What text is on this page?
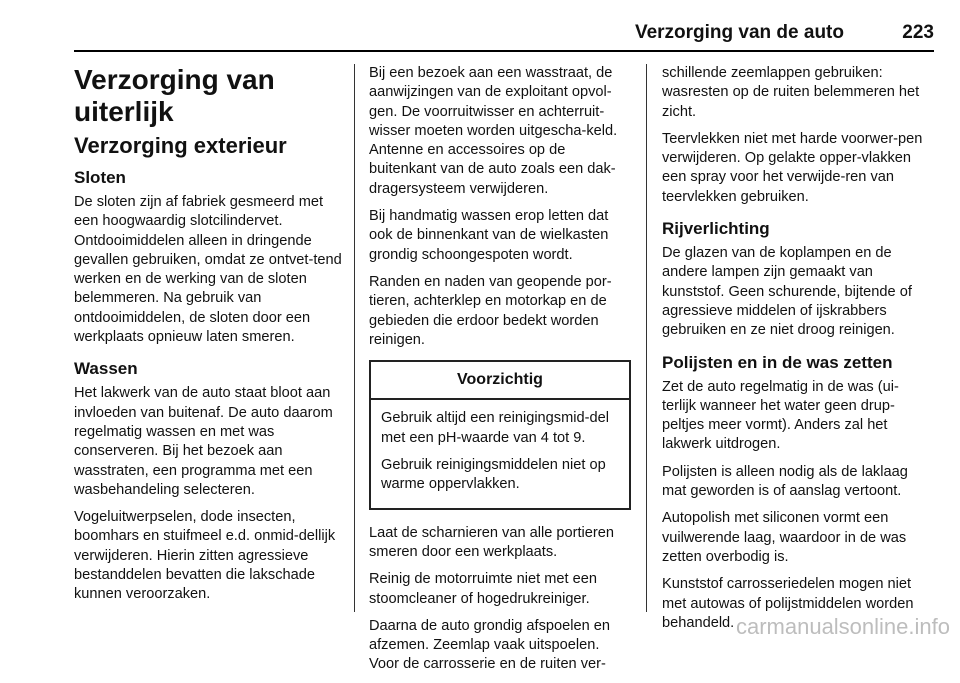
Verzorging van de auto	223
Verzorging van uiterlijk
Verzorging exterieur
Sloten

De sloten zijn af fabriek gesmeerd met een hoogwaardig slotcilindervet. Ontdooimiddelen alleen in dringende gevallen gebruiken, omdat ze ontvet-tend werken en de werking van de sloten belemmeren. Na gebruik van ontdooimiddelen, de sloten door een werkplaats opnieuw laten smeren.

Wassen

Het lakwerk van de auto staat bloot aan invloeden van buitenaf. De auto daarom regelmatig wassen en met was conserveren. Bij het bezoek aan wasstraten, een programma met een wasbehandeling selecteren.

Vogeluitwerpselen, dode insecten, boomhars en stuifmeel e.d. onmid-dellijk verwijderen. Hierin zitten agressieve bestanddelen bevatten die lakschade kunnen veroorzaken.

Bij een bezoek aan een wasstraat, de aanwijzingen van de exploitant opvol-gen. De voorruitwisser en achterruit-wisser moeten worden uitgescha-keld. Antenne en accessoires op de buitenkant van de auto zoals een dak-dragersysteem verwijderen.

Bij handmatig wassen erop letten dat ook de binnenkant van de wielkasten grondig schoongespoten wordt.

Randen en naden van geopende por-tieren, achterklep en motorkap en de gebieden die erdoor bedekt worden reinigen.

Voorzichtig

Gebruik altijd een reinigingsmid-del met een pH-waarde van 4 tot 9.

Gebruik reinigingsmiddelen niet op warme oppervlakken.

Laat de scharnieren van alle portieren smeren door een werkplaats.

Reinig de motorruimte niet met een stoomcleaner of hogedrukreiniger.

Daarna de auto grondig afspoelen en afzemen. Zeemlap vaak uitspoelen. Voor de carrosserie en de ruiten ver-

schillende zeemlappen gebruiken: wasresten op de ruiten belemmeren het zicht.

Teervlekken niet met harde voorwer-pen verwijderen. Op gelakte opper-vlakken een spray voor het verwijde-ren van teervlekken gebruiken.

Rijverlichting

De glazen van de koplampen en de andere lampen zijn gemaakt van kunststof. Geen schurende, bijtende of agressieve middelen of ijskrabbers gebruiken en ze niet droog reinigen.

Polijsten en in de was zetten

Zet de auto regelmatig in de was (ui-terlijk wanneer het water geen drup-peltjes meer vormt). Anders zal het lakwerk uitdrogen.

Polijsten is alleen nodig als de laklaag mat geworden is of aanslag vertoont.

Autopolish met siliconen vormt een vuilwerende laag, waardoor in de was zetten overbodig is.

Kunststof carrosseriedelen mogen niet met autowas of polijstmiddelen worden behandeld. carmanualsonline.info
